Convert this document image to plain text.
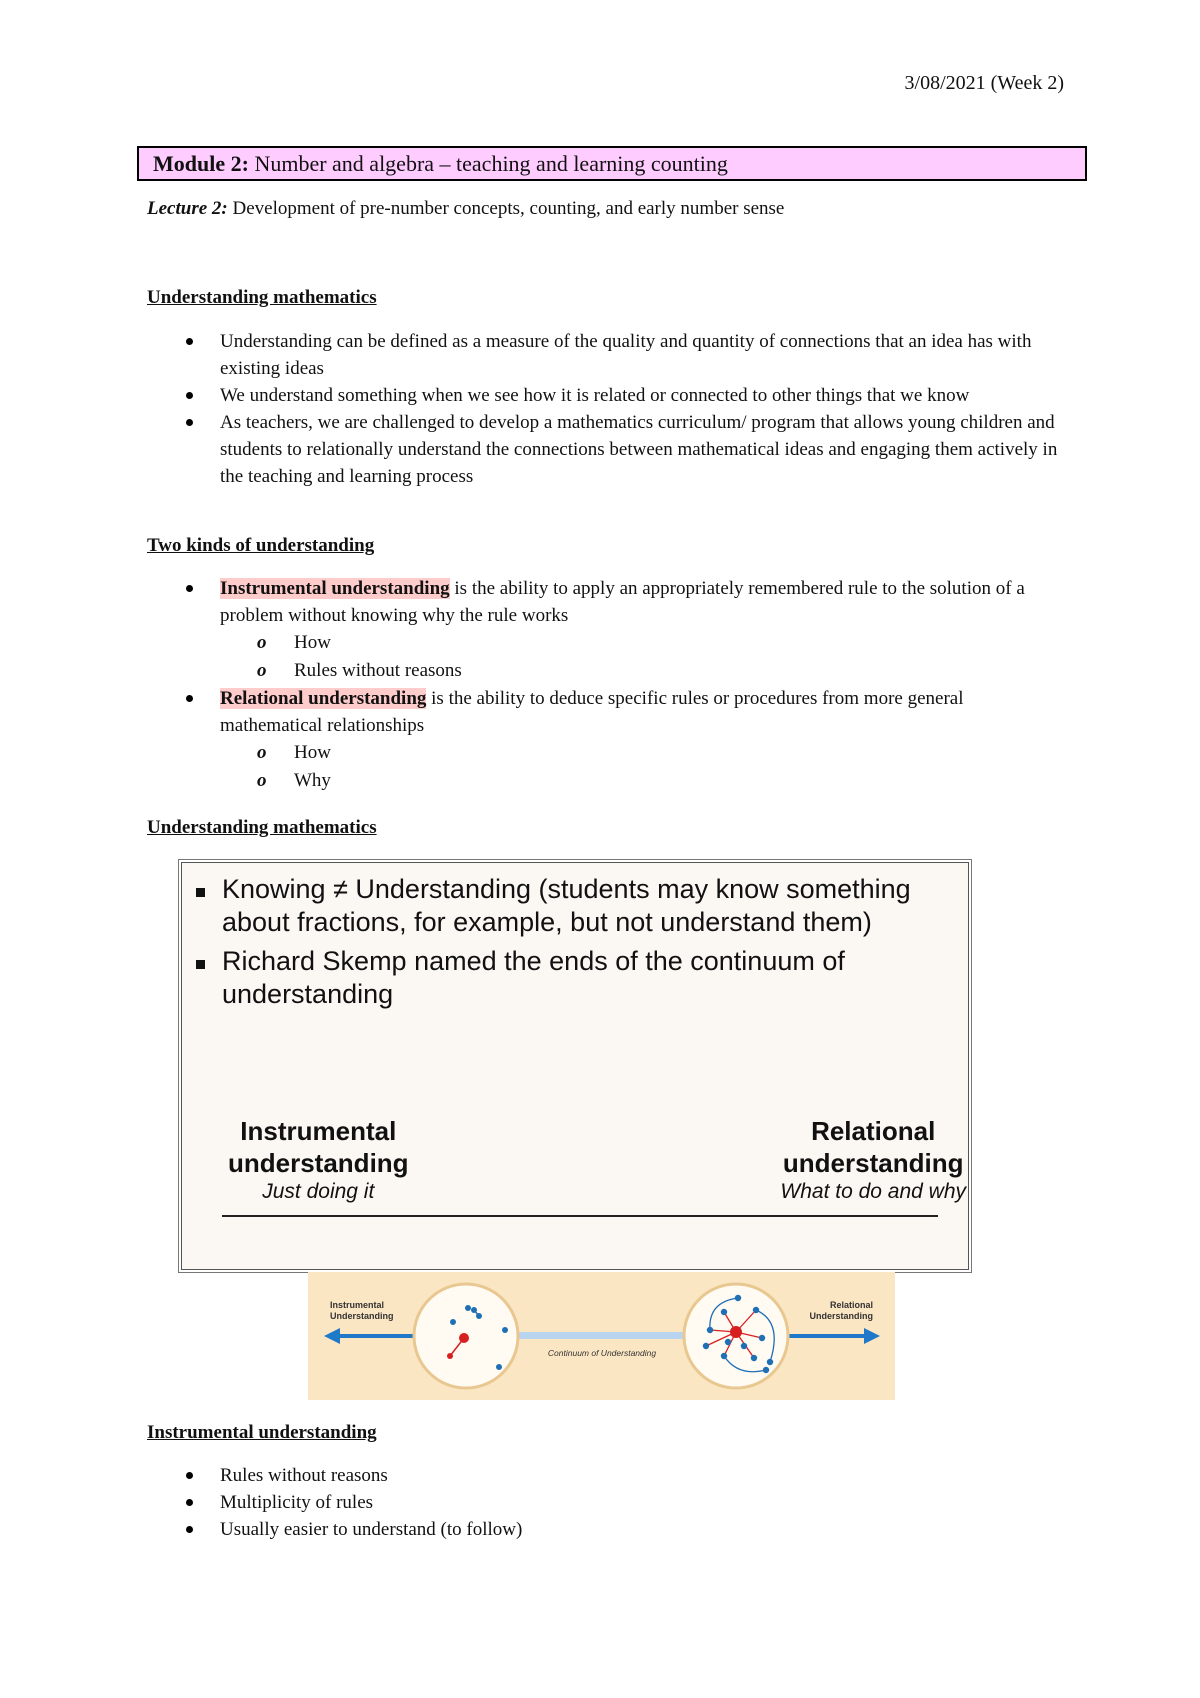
3/08/2021 (Week 2)
Module 2: Number and algebra – teaching and learning counting
Lecture 2: Development of pre-number concepts, counting, and early number sense
Understanding mathematics
Understanding can be defined as a measure of the quality and quantity of connections that an idea has with existing ideas
We understand something when we see how it is related or connected to other things that we know
As teachers, we are challenged to develop a mathematics curriculum/ program that allows young children and students to relationally understand the connections between mathematical ideas and engaging them actively in the teaching and learning process
Two kinds of understanding
Instrumental understanding is the ability to apply an appropriately remembered rule to the solution of a problem without knowing why the rule works
o How
o Rules without reasons
Relational understanding is the ability to deduce specific rules or procedures from more general mathematical relationships
o How
o Why
Understanding mathematics
Knowing ≠ Understanding (students may know something about fractions, for example, but not understand them)
Richard Skemp named the ends of the continuum of understanding
Instrumental
understanding
Just doing it
Relational
understanding
What to do and why
Continuum of Understanding
Instrumental
Understanding
Relational
Understanding
Instrumental understanding
Rules without reasons
Multiplicity of rules
Usually easier to understand (to follow)
